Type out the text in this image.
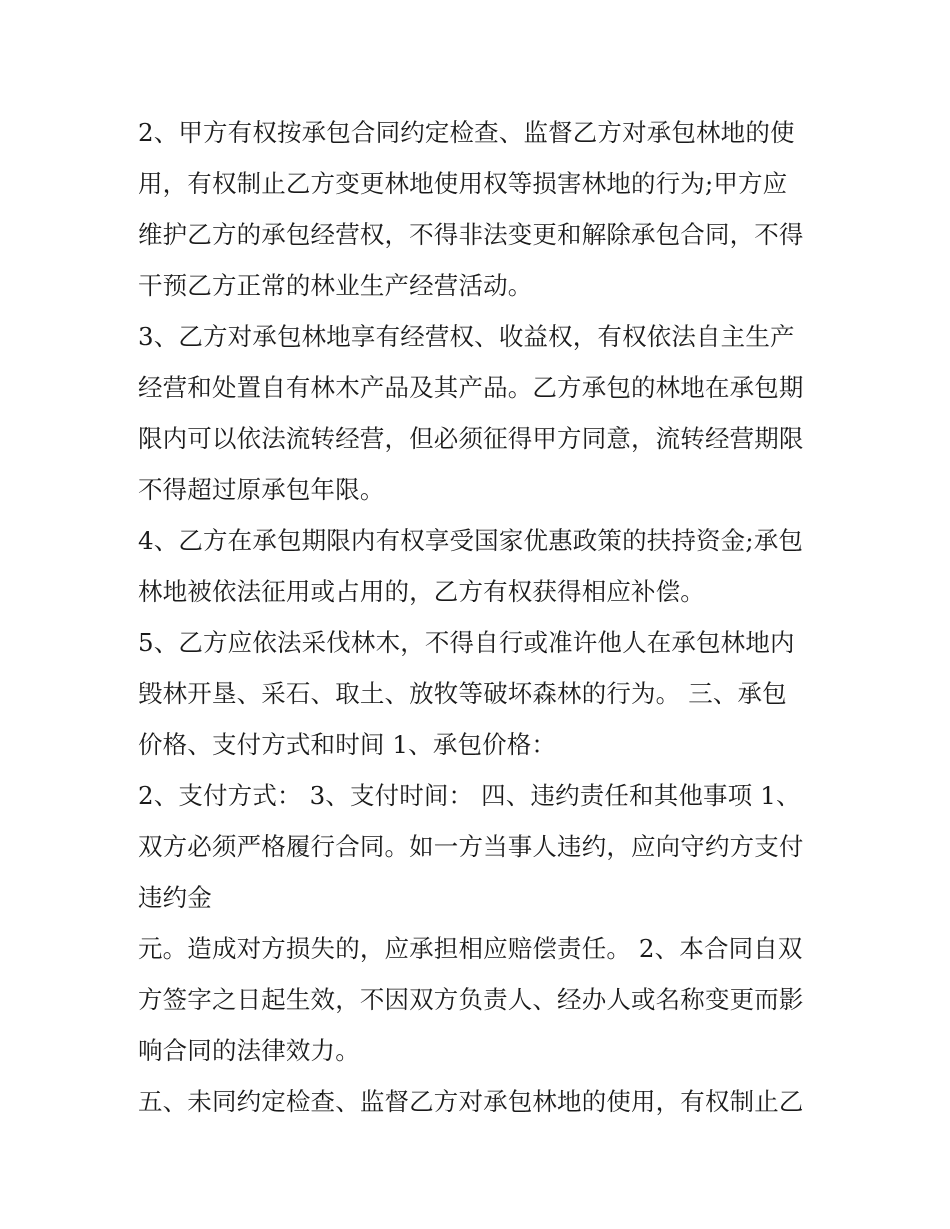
2、甲方有权按承包合同约定检查、监督乙方对承包林地的使
用，有权制止乙方变更林地使用权等损害林地的行为;甲方应
维护乙方的承包经营权，不得非法变更和解除承包合同，不得
干预乙方正常的林业生产经营活动。
3、乙方对承包林地享有经营权、收益权，有权依法自主生产
经营和处置自有林木产品及其产品。乙方承包的林地在承包期
限内可以依法流转经营，但必须征得甲方同意，流转经营期限
不得超过原承包年限。
4、乙方在承包期限内有权享受国家优惠政策的扶持资金;承包
林地被依法征用或占用的，乙方有权获得相应补偿。
5、乙方应依法采伐林木，不得自行或准许他人在承包林地内
毁林开垦、采石、取土、放牧等破坏森林的行为。 三、承包
价格、支付方式和时间 1、承包价格：
2、支付方式： 3、支付时间： 四、违约责任和其他事项 1、
双方必须严格履行合同。如一方当事人违约，应向守约方支付
违约金
元。造成对方损失的，应承担相应赔偿责任。 2、本合同自双
方签字之日起生效，不因双方负责人、经办人或名称变更而影
响合同的法律效力。
五、未同约定检查、监督乙方对承包林地的使用，有权制止乙
